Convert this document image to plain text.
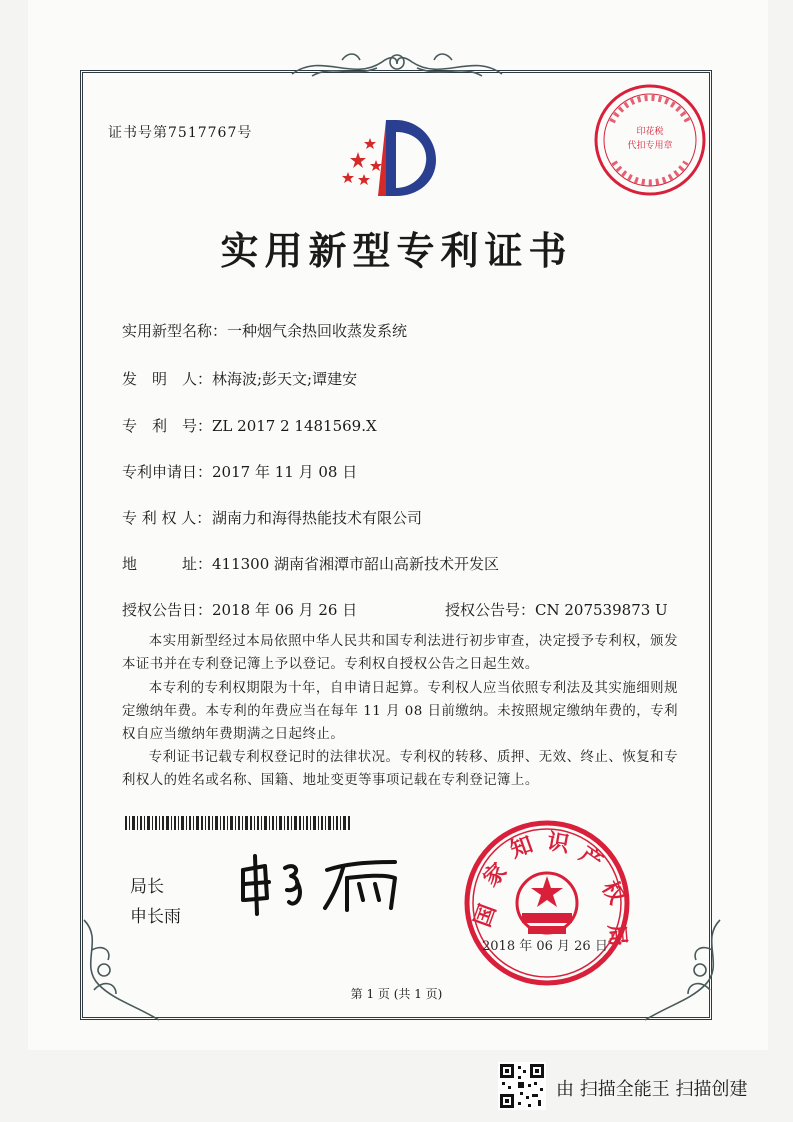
证书号第7517767号	印花税
代扣专用章
实用新型专利证书
实用新型名称：一种烟气余热回收蒸发系统
发　明　人：林海波;彭天文;谭建安
专　利　号：ZL 2017 2 1481569.X
专利申请日：2017 年 11 月 08 日
专 利 权 人：湖南力和海得热能技术有限公司
地　　　址：411300 湖南省湘潭市韶山高新技术开发区
授权公告日：2018 年 06 月 26 日	授权公告号：CN 207539873 U
本实用新型经过本局依照中华人民共和国专利法进行初步审查，决定授予专利权，颁发本证书并在专利登记簿上予以登记。专利权自授权公告之日起生效。
本专利的专利权期限为十年，自申请日起算。专利权人应当依照专利法及其实施细则规定缴纳年费。本专利的年费应当在每年 11 月 08 日前缴纳。未按照规定缴纳年费的，专利权自应当缴纳年费期满之日起终止。
专利证书记载专利权登记时的法律状况。专利权的转移、质押、无效、终止、恢复和专利权人的姓名或名称、国籍、地址变更等事项记载在专利登记簿上。
局长
申长雨	国
家
知 识 产
权
局
2018 年 06 月 26 日
第 1 页 (共 1 页)
由 扫描全能王 扫描创建
